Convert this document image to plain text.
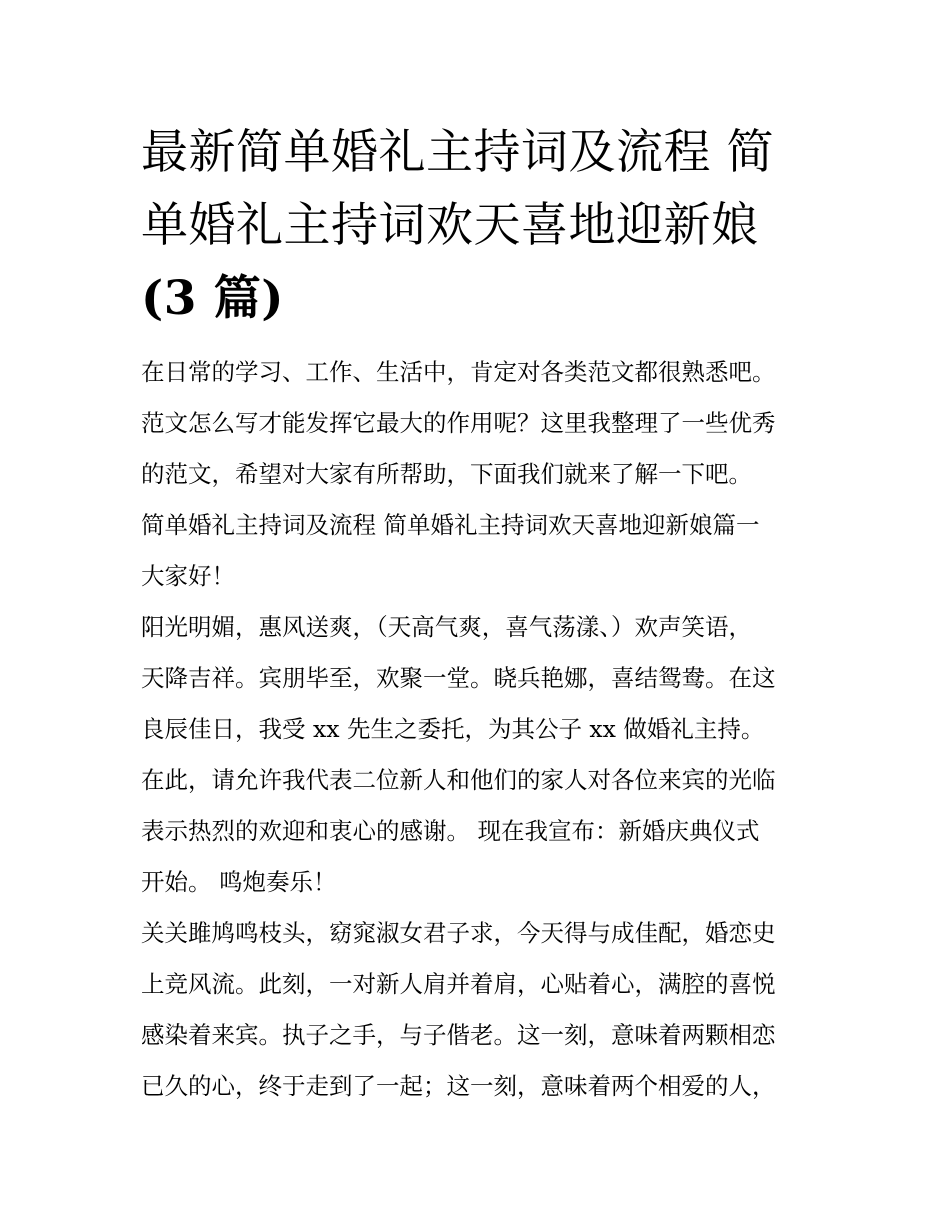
最新简单婚礼主持词及流程 简
单婚礼主持词欢天喜地迎新娘
(3 篇)

在日常的学习、工作、生活中，肯定对各类范文都很熟悉吧。
范文怎么写才能发挥它最大的作用呢？这里我整理了一些优秀
的范文，希望对大家有所帮助，下面我们就来了解一下吧。

简单婚礼主持词及流程 简单婚礼主持词欢天喜地迎新娘篇一

大家好！

阳光明媚，惠风送爽，（天高气爽，喜气荡漾、）欢声笑语，
天降吉祥。宾朋毕至，欢聚一堂。晓兵艳娜，喜结鸳鸯。在这
良辰佳日，我受 xx 先生之委托，为其公子 xx 做婚礼主持。

在此，请允许我代表二位新人和他们的家人对各位来宾的光临
表示热烈的欢迎和衷心的感谢。 现在我宣布：新婚庆典仪式
开始。 鸣炮奏乐！

关关雎鸠鸣枝头，窈窕淑女君子求，今天得与成佳配，婚恋史
上竞风流。此刻，一对新人肩并着肩，心贴着心，满腔的喜悦
感染着来宾。执子之手，与子偕老。这一刻，意味着两颗相恋
已久的心，终于走到了一起；这一刻，意味着两个相爱的人，
